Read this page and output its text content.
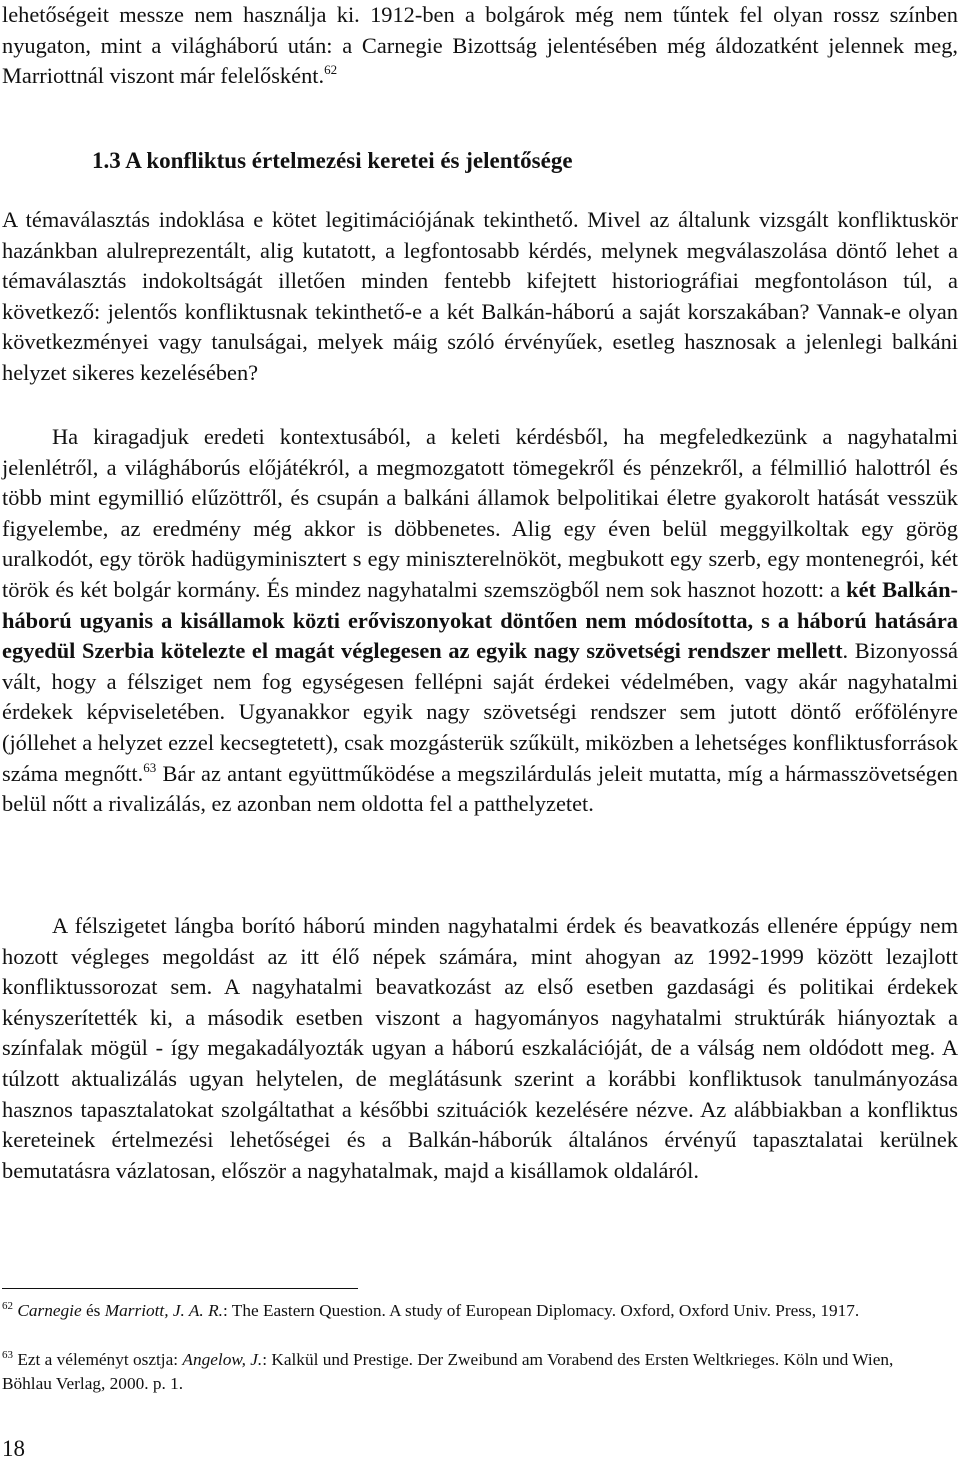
lehetőségeit messze nem használja ki. 1912-ben a bolgárok még nem tűntek fel olyan rossz színben nyugaton, mint a világháború után: a Carnegie Bizottság jelentésében még áldozatként jelennek meg, Marriottnál viszont már felelősként.$^{62}$

1.3 A konfliktus értelmezési keretei és jelentősége

A témaválasztás indoklása e kötet legitimációjának tekinthető. Mivel az általunk vizsgált konfliktuskör hazánkban alulreprezentált, alig kutatott, a legfontosabb kérdés, melynek megválaszolása döntő lehet a témaválasztás indokoltságát illetően minden fentebb kifejtett historiográfiai megfontoláson túl, a következő: jelentős konfliktusnak tekinthető-e a két Balkán-háború a saját korszakában? Vannak-e olyan következményei vagy tanulságai, melyek máig szóló érvényűek, esetleg hasznosak a jelenlegi balkáni helyzet sikeres kezelésében?

Ha kiragadjuk eredeti kontextusából, a keleti kérdésből, ha megfeledkezünk a nagyhatalmi jelenlétről, a világháborús előjátékról, a megmozgatott tömegekről és pénzekről, a félmillió halottról és több mint egymillió elűzöttről, és csupán a balkáni államok belpolitikai életre gyakorolt hatását vesszük figyelembe, az eredmény még akkor is döbbenetes. Alig egy éven belül meggyilkoltak egy görög uralkodót, egy török hadügyminisztert s egy miniszterelnököt, megbukott egy szerb, egy montenegrói, két török és két bolgár kormány. És mindez nagyhatalmi szemszögből nem sok hasznot hozott: a két Balkán-háború ugyanis a kisállamok közti erőviszonyokat döntően nem módosította, s a háború hatására egyedül Szerbia kötelezte el magát véglegesen az egyik nagy szövetségi rendszer mellett. Bizonyossá vált, hogy a félsziget nem fog egységesen fellépni saját érdekei védelmében, vagy akár nagyhatalmi érdekek képviseletében. Ugyanakkor egyik nagy szövetségi rendszer sem jutott döntő erőfölényre (jóllehet a helyzet ezzel kecsegtetett), csak mozgásterük szűkült, miközben a lehetséges konfliktusforrások száma megnőtt.$^{63}$ Bár az antant együttműködése a megszilárdulás jeleit mutatta, míg a hármasszövetségen belül nőtt a rivalizálás, ez azonban nem oldotta fel a patthelyzetet.

A félszigetet lángba borító háború minden nagyhatalmi érdek és beavatkozás ellenére éppúgy nem hozott végleges megoldást az itt élő népek számára, mint ahogyan az 1992-1999 között lezajlott konfliktussorozat sem. A nagyhatalmi beavatkozást az első esetben gazdasági és politikai érdekek kényszerítették ki, a második esetben viszont a hagyományos nagyhatalmi struktúrák hiányoztak a színfalak mögül - így megakadályozták ugyan a háború eszkalációját, de a válság nem oldódott meg. A túlzott aktualizálás ugyan helytelen, de meglátásunk szerint a korábbi konfliktusok tanulmányozása hasznos tapasztalatokat szolgáltathat a későbbi szituációk kezelésére nézve. Az alábbiakban a konfliktus kereteinek értelmezési lehetőségei és a Balkán-háborúk általános érvényű tapasztalatai kerülnek bemutatásra vázlatosan, először a nagyhatalmak, majd a kisállamok oldaláról.

$^{62}$ Carnegie és Marriott, J. A. R.: The Eastern Question. A study of European Diplomacy. Oxford, Oxford Univ. Press, 1917.

$^{63}$ Ezt a véleményt osztja: Angelow, J.: Kalkül und Prestige. Der Zweibund am Vorabend des Ersten Weltkrieges. Köln und Wien, Böhlau Verlag, 2000. p. 1.

18
